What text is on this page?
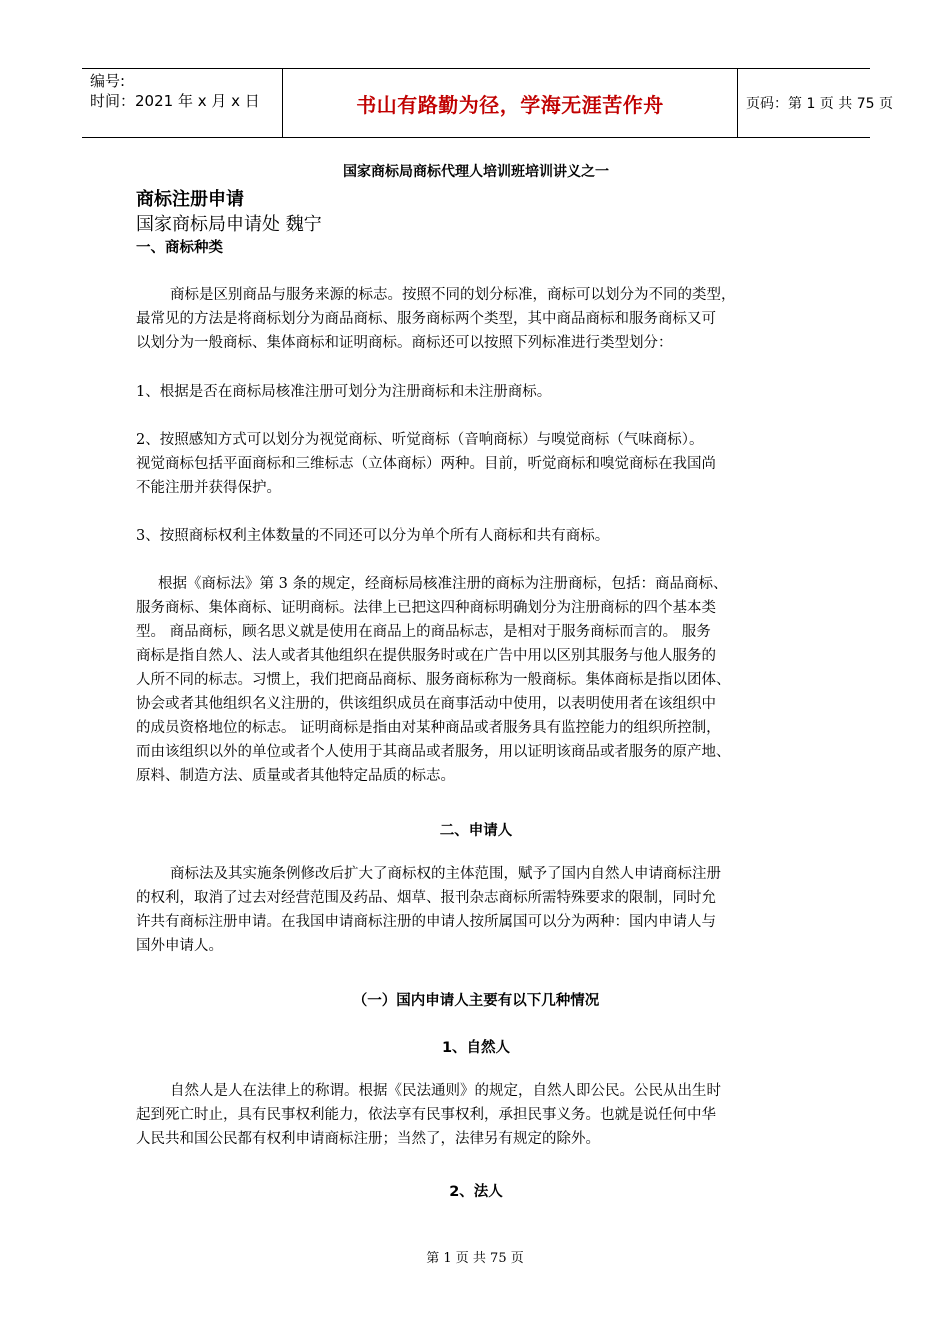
编号:
时间：2021 年 x 月 x 日	书山有路勤为径，学海无涯苦作舟	页码：第 1 页 共 75 页
国家商标局商标代理人培训班培训讲义之一
商标注册申请
国家商标局申请处 魏宁
一、商标种类
商标是区别商品与服务来源的标志。按照不同的划分标准，商标可以划分为不同的类型，
最常见的方法是将商标划分为商品商标、服务商标两个类型，其中商品商标和服务商标又可
以划分为一般商标、集体商标和证明商标。商标还可以按照下列标准进行类型划分：
1、根据是否在商标局核准注册可划分为注册商标和未注册商标。
2、按照感知方式可以划分为视觉商标、听觉商标（音响商标）与嗅觉商标（气味商标）。
视觉商标包括平面商标和三维标志（立体商标）两种。目前，听觉商标和嗅觉商标在我国尚
不能注册并获得保护。
3、按照商标权利主体数量的不同还可以分为单个所有人商标和共有商标。
根据《商标法》第 3 条的规定，经商标局核准注册的商标为注册商标，包括：商品商标、
服务商标、集体商标、证明商标。法律上已把这四种商标明确划分为注册商标的四个基本类
型。 商品商标，顾名思义就是使用在商品上的商品标志，是相对于服务商标而言的。 服务
商标是指自然人、法人或者其他组织在提供服务时或在广告中用以区别其服务与他人服务的
人所不同的标志。习惯上，我们把商品商标、服务商标称为一般商标。集体商标是指以团体、
协会或者其他组织名义注册的，供该组织成员在商事活动中使用，以表明使用者在该组织中
的成员资格地位的标志。 证明商标是指由对某种商品或者服务具有监控能力的组织所控制，
而由该组织以外的单位或者个人使用于其商品或者服务，用以证明该商品或者服务的原产地、
原料、制造方法、质量或者其他特定品质的标志。
二、申请人
商标法及其实施条例修改后扩大了商标权的主体范围，赋予了国内自然人申请商标注册
的权利，取消了过去对经营范围及药品、烟草、报刊杂志商标所需特殊要求的限制，同时允
许共有商标注册申请。在我国申请商标注册的申请人按所属国可以分为两种：国内申请人与
国外申请人。
（一）国内申请人主要有以下几种情况
1、自然人
自然人是人在法律上的称谓。根据《民法通则》的规定，自然人即公民。公民从出生时
起到死亡时止，具有民事权利能力，依法享有民事权利，承担民事义务。也就是说任何中华
人民共和国公民都有权利申请商标注册；当然了，法律另有规定的除外。
2、法人
第 1 页 共 75 页
